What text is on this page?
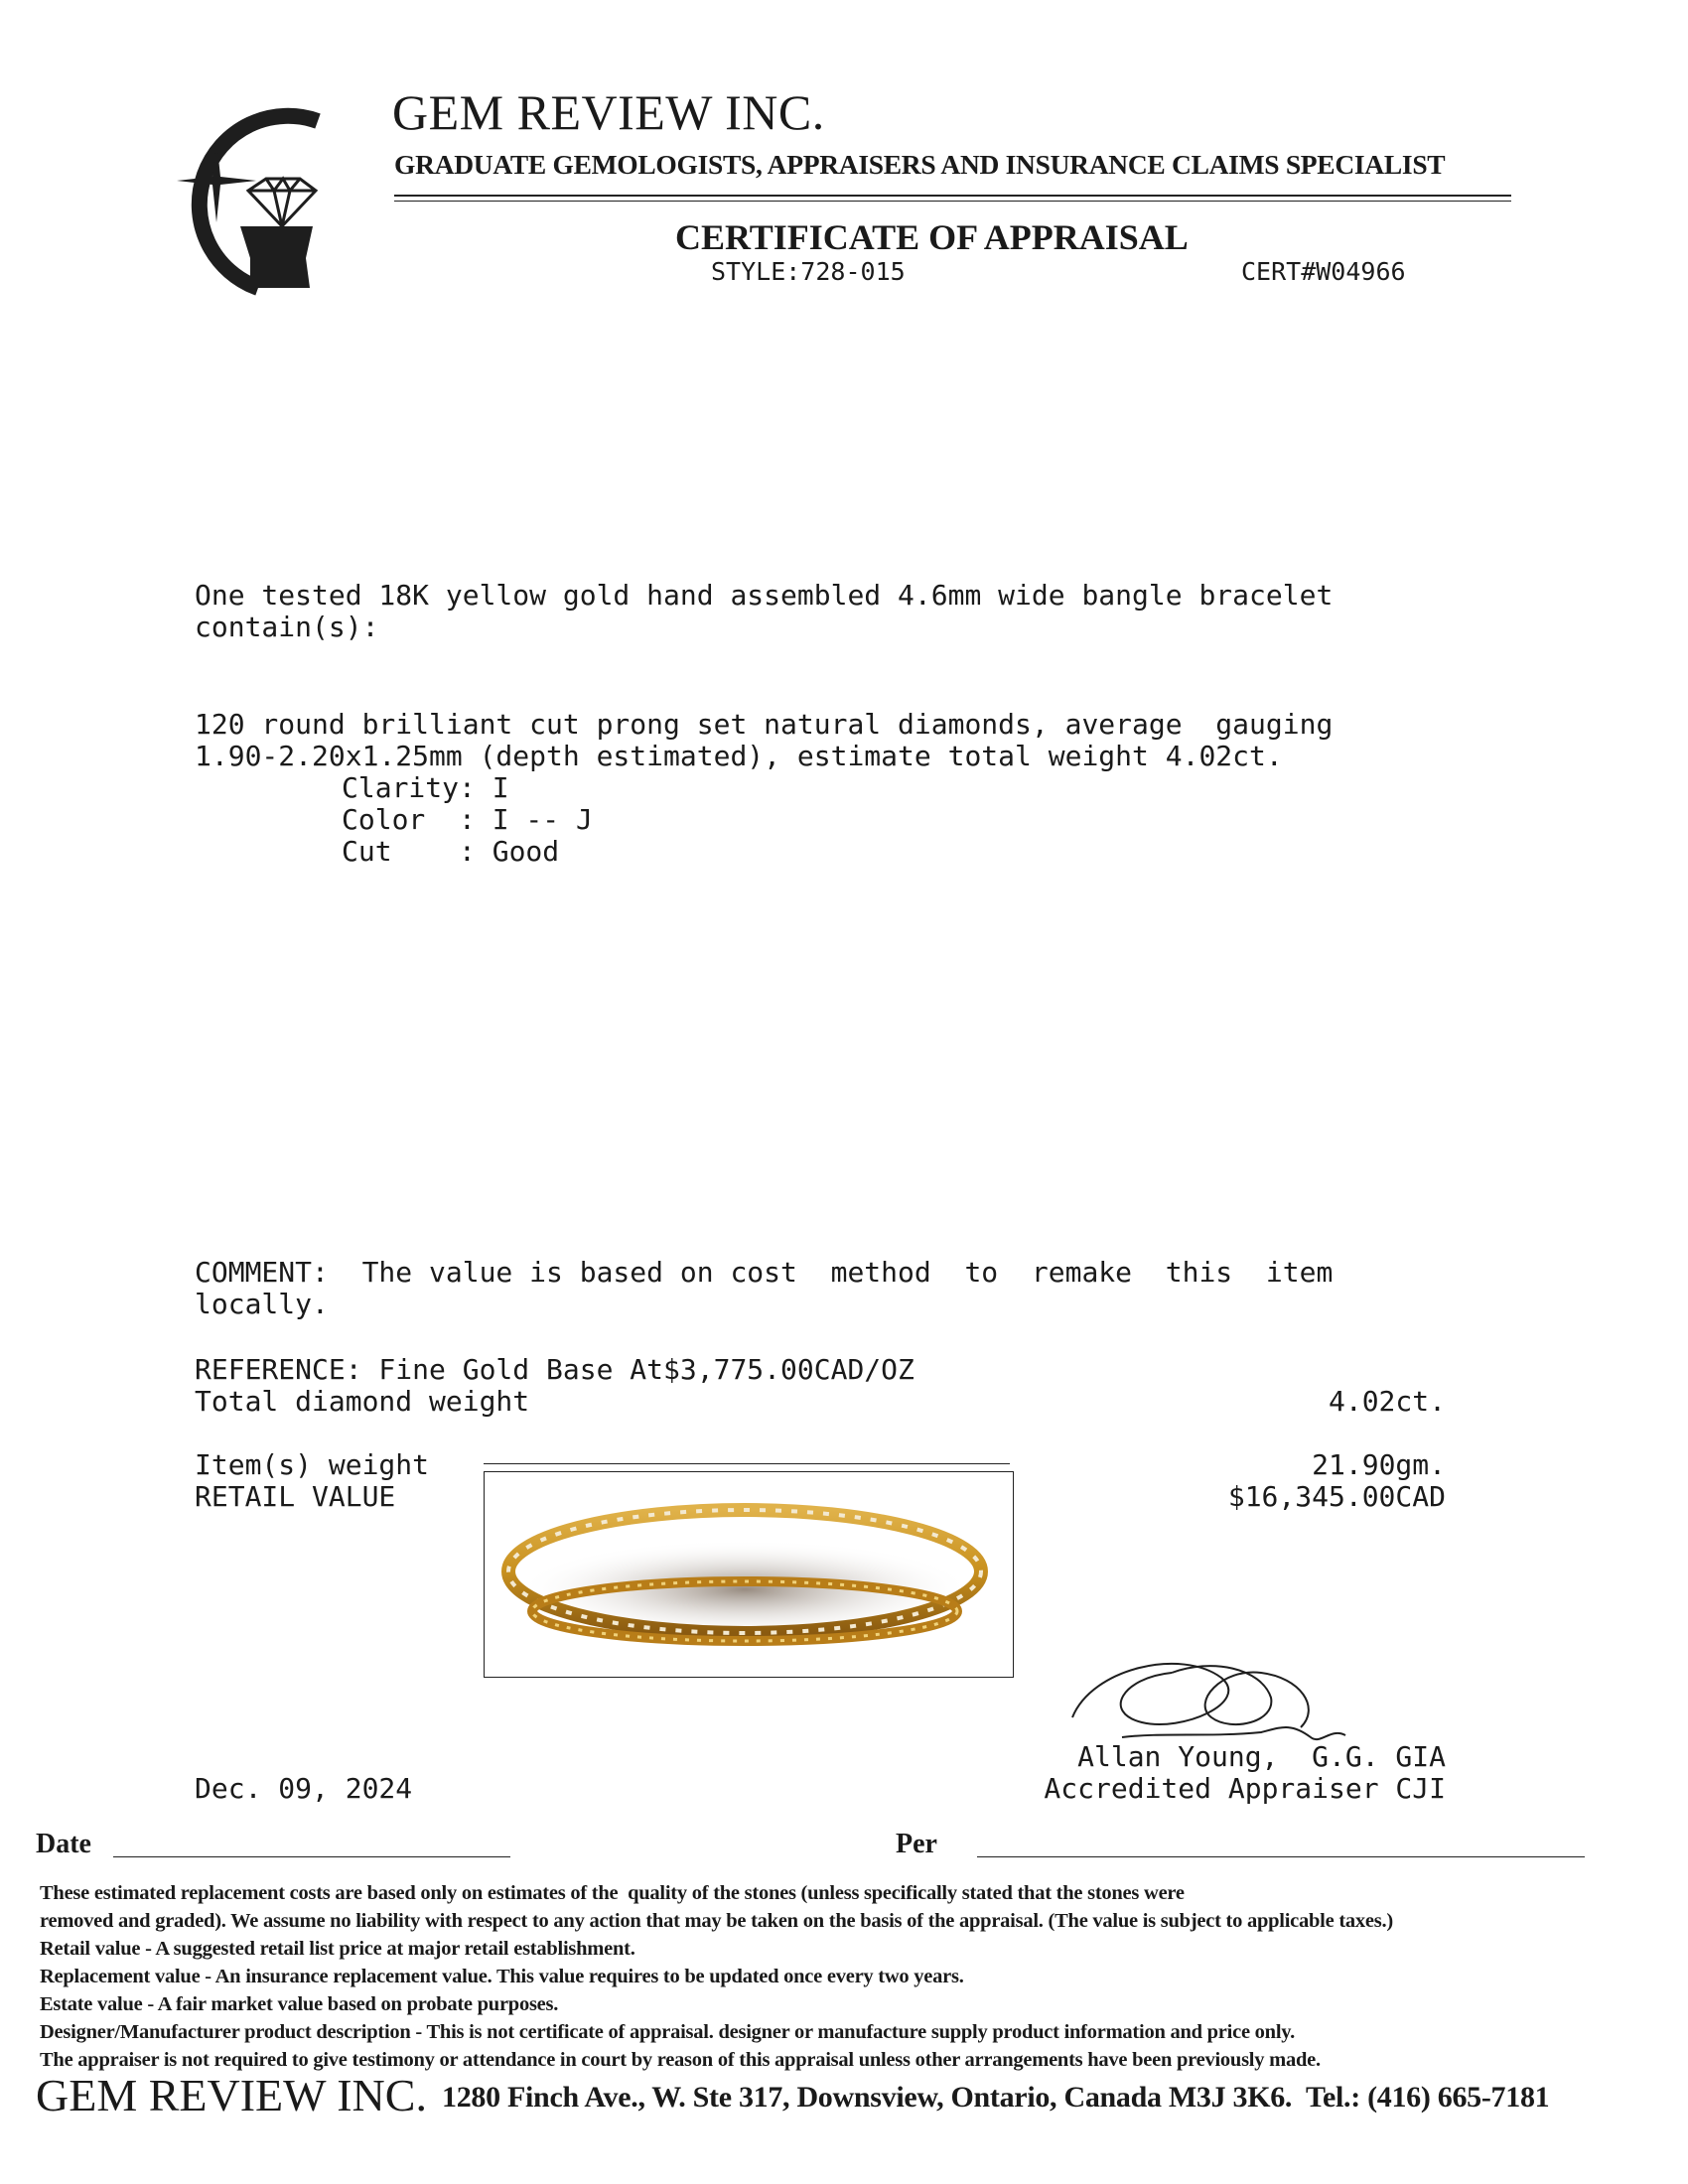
GEM REVIEW INC.
GRADUATE GEMOLOGISTS, APPRAISERS AND INSURANCE CLAIMS SPECIALIST
CERTIFICATE OF APPRAISAL
STYLE:728-015	CERT#W04966
One tested 18K yellow gold hand assembled 4.6mm wide bangle bracelet
contain(s):
120 round brilliant cut prong set natural diamonds, average  gauging
1.90-2.20x1.25mm (depth estimated), estimate total weight 4.02ct.
Clarity: I
Color  : I -- J
Cut    : Good
COMMENT:  The value is based on cost  method  to  remake  this  item
locally.
REFERENCE: Fine Gold Base At$3,775.00CAD/OZ
Total diamond weight	4.02ct.
Item(s) weight	21.90gm.
RETAIL VALUE	$16,345.00CAD
Allan Young,  G.G. GIA
Accredited Appraiser CJI
Dec. 09, 2024
Date	Per
These estimated replacement costs are based only on estimates of the  quality of the stones (unless specifically stated that the stones were
removed and graded). We assume no liability with respect to any action that may be taken on the basis of the appraisal. (The value is subject to applicable taxes.)
Retail value - A suggested retail list price at major retail establishment.
Replacement value - An insurance replacement value. This value requires to be updated once every two years.
Estate value - A fair market value based on probate purposes.
Designer/Manufacturer product description - This is not certificate of appraisal. designer or manufacture supply product information and price only.
The appraiser is not required to give testimony or attendance in court by reason of this appraisal unless other arrangements have been previously made.
GEM REVIEW INC. 1280 Finch Ave., W. Ste 317, Downsview, Ontario, Canada M3J 3K6.  Tel.: (416) 665-7181
